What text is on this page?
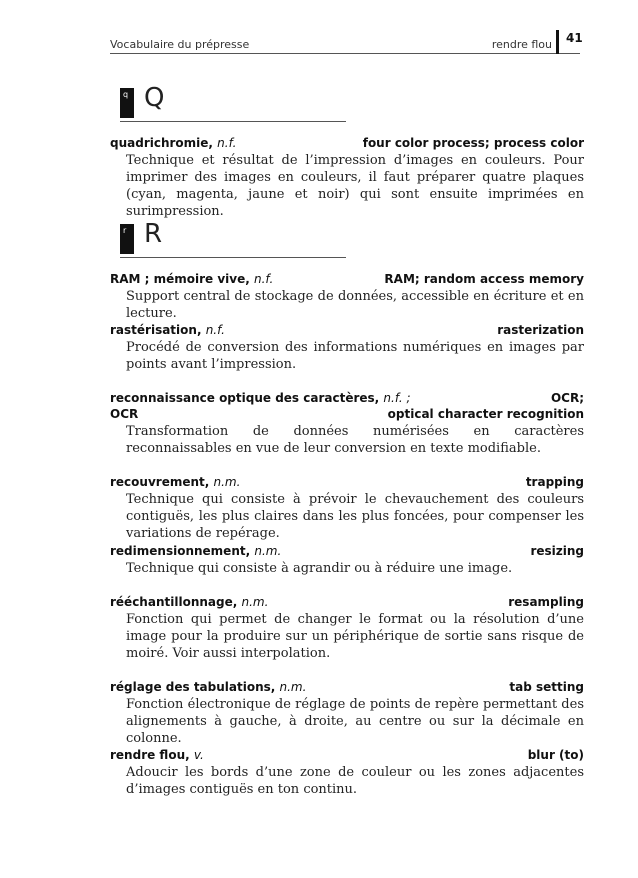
Vocabulaire du prépresse	rendre flou 41
q Q
quadrichromie, n.f.	four color process; process color
Technique et résultat de l’impression d’images en couleurs. Pour imprimer des images en couleurs, il faut préparer quatre plaques (cyan, magenta, jaune et noir) qui sont ensuite imprimées en surimpression.
r R
RAM ; mémoire vive, n.f.	RAM; random access memory
Support central de stockage de données, accessible en écriture et en lecture.
rastérisation, n.f.	rasterization
Procédé de conversion des informations numériques en images par points avant l’impression.
reconnaissance optique des caractères, n.f. ;	OCR;
OCR	optical character recognition
Transformation de données numérisées en caractères reconnaissables en vue de leur conversion en texte modifiable.
recouvrement, n.m.	trapping
Technique qui consiste à prévoir le chevauchement des couleurs contiguës, les plus claires dans les plus foncées, pour compenser les variations de repérage.
redimensionnement, n.m.	resizing
Technique qui consiste à agrandir ou à réduire une image.
rééchantillonnage, n.m.	resampling
Fonction qui permet de changer le format ou la résolution d’une image pour la produire sur un périphérique de sortie sans risque de moiré. Voir aussi interpolation.
réglage des tabulations, n.m.	tab setting
Fonction électronique de réglage de points de repère permettant des alignements à gauche, à droite, au centre ou sur la décimale en colonne.
rendre flou, v.	blur (to)
Adoucir les bords d’une zone de couleur ou les zones adjacentes d’images contiguës en ton continu.
